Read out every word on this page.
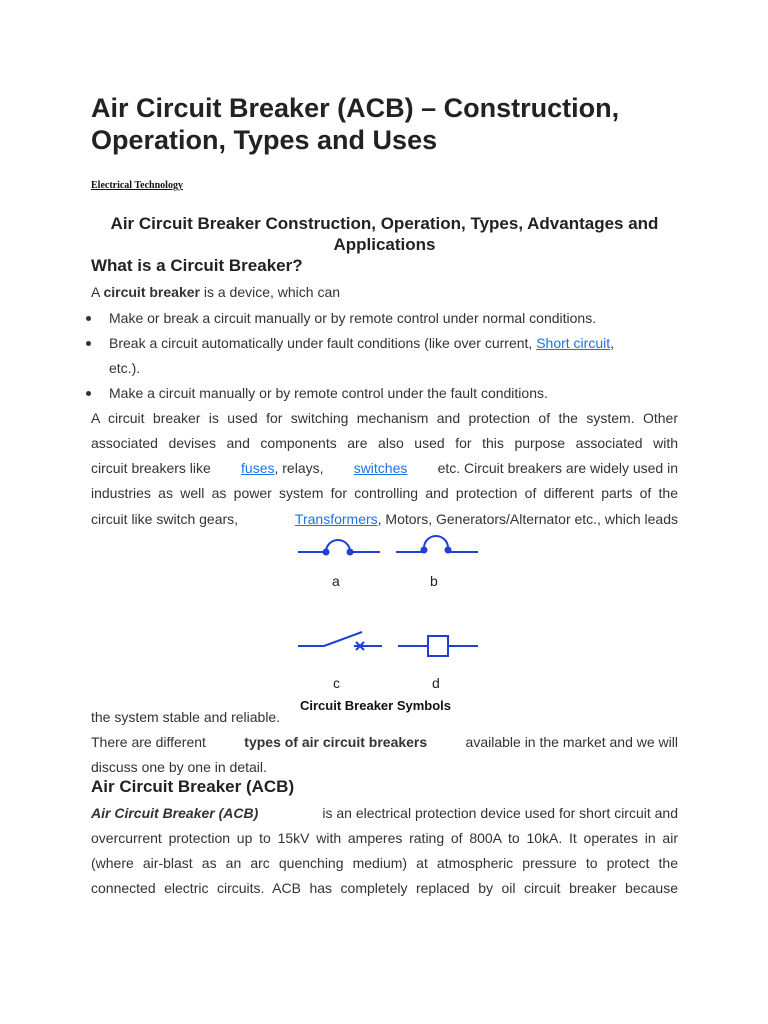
Air Circuit Breaker (ACB) – Construction,
Operation, Types and Uses
Electrical Technology
Air Circuit Breaker Construction, Operation, Types, Advantages and
Applications
What is a Circuit Breaker?
A circuit breaker is a device, which can
Make or break a circuit manually or by remote control under normal conditions.
Break a circuit automatically under fault conditions (like over current, Short circuit,
etc.).
Make a circuit manually or by remote control under the fault conditions.
A circuit breaker is used for switching mechanism and protection of the system. Other
associated devises and components are also used for this purpose associated with
circuit breakers like fuses, relays, switches etc. Circuit breakers are widely used in
industries as well as power system for controlling and protection of different parts of the
circuit like switch gears,	Transformers, Motors, Generators/Alternator etc., which leads
a	b
c	d
Circuit Breaker Symbols
the system stable and reliable.
There are different	types of air circuit breakers	available in the market and we will
discuss one by one in detail.
Air Circuit Breaker (ACB)
Air Circuit Breaker (ACB)	is an electrical protection device used for short circuit and
overcurrent protection up to 15kV with amperes rating of 800A to 10kA. It operates in air
(where air-blast as an arc quenching medium) at atmospheric pressure to protect the
connected electric circuits. ACB has completely replaced by oil circuit breaker because
